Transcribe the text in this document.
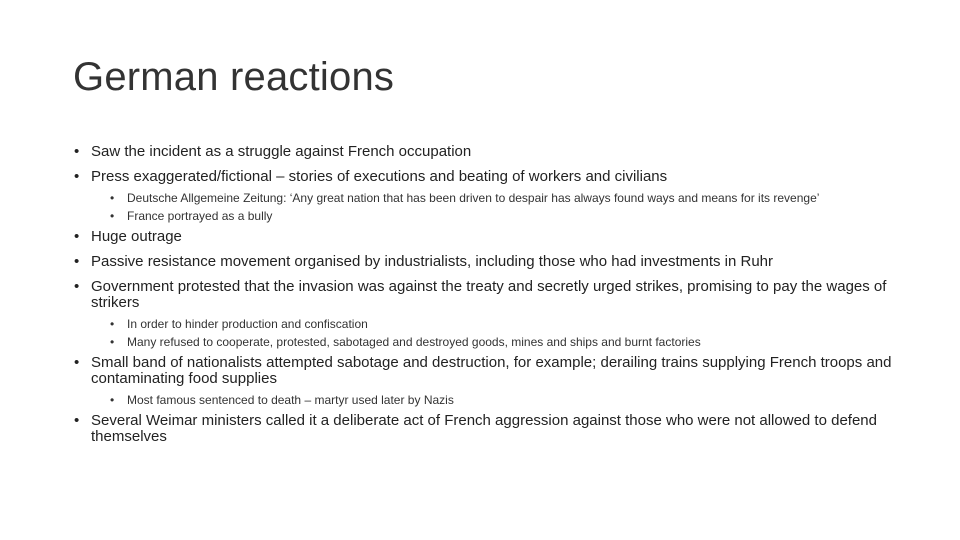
German reactions
• Saw the incident as a struggle against French occupation
• Press exaggerated/fictional – stories of executions and beating of workers and civilians
• Deutsche Allgemeine Zeitung: ‘Any great nation that has been driven to despair has always found ways and means for its revenge’
• France portrayed as a bully
• Huge outrage
• Passive resistance movement organised by industrialists, including those who had investments in Ruhr
• Government protested that the invasion was against the treaty and secretly urged strikes, promising to pay the wages of strikers
• In order to hinder production and confiscation
• Many refused to cooperate, protested, sabotaged and destroyed goods, mines and ships and burnt factories
• Small band of nationalists attempted sabotage and destruction, for example; derailing trains supplying French troops and contaminating food supplies
• Most famous sentenced to death – martyr used later by Nazis
• Several Weimar ministers called it a deliberate act of French aggression against those who were not allowed to defend themselves
